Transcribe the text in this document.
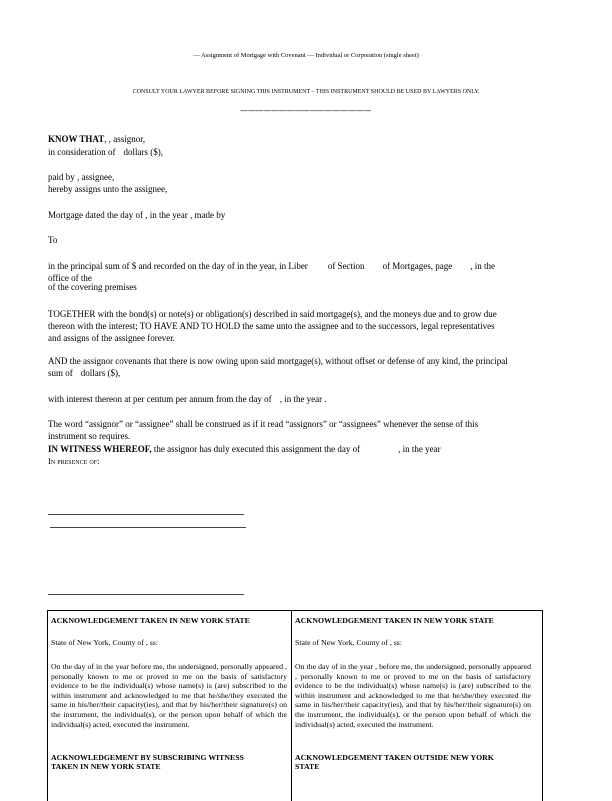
— Assignment of Mortgage with Covenant — Individual or Corporation (single sheet)
CONSULT YOUR LAWYER BEFORE SIGNING THIS INSTRUMENT – THIS INSTRUMENT SHOULD BE USED BY LAWYERS ONLY.
_________________
KNOW THAT, , assignor,
in consideration of dollars ($),
paid by , assignee,
hereby assigns unto the assignee,
Mortgage dated the day of , in the year , made by
To
in the principal sum of $ and recorded on the day of in the year, in Liber of Section of Mortgages, page , in the
office of the
of the covering premises
TOGETHER with the bond(s) or note(s) or obligation(s) described in said mortgage(s), and the moneys due and to grow due
thereon with the interest; TO HAVE AND TO HOLD the same unto the assignee and to the successors, legal representatives
and assigns of the assignee forever.
AND the assignor covenants that there is now owing upon said mortgage(s), without offset or defense of any kind, the principal
sum of dollars ($),
with interest thereon at per centum per annum from the day of , in the year .
The word “assignor” or “assignee” shall be construed as if it read “assignors” or “assignees” whenever the sense of this
instrument so requires.
IN WITNESS WHEREOF, the assignor has duly executed this assignment the day of	, in the year
In presence of:
ACKNOWLEDGEMENT TAKEN IN NEW YORK STATE
State of New York, County of , ss:
On the day of in the year before me, the undersigned, personally appeared , personally known to me or proved to me on the basis of satisfactory evidence to be the individual(s) whose name(s) is (are) subscribed to the within instrument and acknowledged to me that he/she/they executed the same in his/her/their capacity(ies), and that by his/her/their signature(s) on the instrument, the individual(s), or the person upon behalf of which the individual(s) acted, executed the instrument.
ACKNOWLEDGEMENT BY SUBSCRIBING WITNESS
TAKEN IN NEW YORK STATE
ACKNOWLEDGEMENT TAKEN IN NEW YORK STATE
State of New York, County of , ss:
On the day of in the year , before me, the undersigned, personally appeared , personally known to me or proved to me on the basis of satisfactory evidence to be the individual(s) whose name(s) is (are) subscribed to the within instrument and acknowledged to me that he/she/they executed the same in his/her/their capacity(ies), and that by his/her/their signature(s) on the instrument, the individual(s), or the person upon behalf of which the individual(s) acted, executed the instrument.
ACKNOWLEDGEMENT TAKEN OUTSIDE NEW YORK
STATE
